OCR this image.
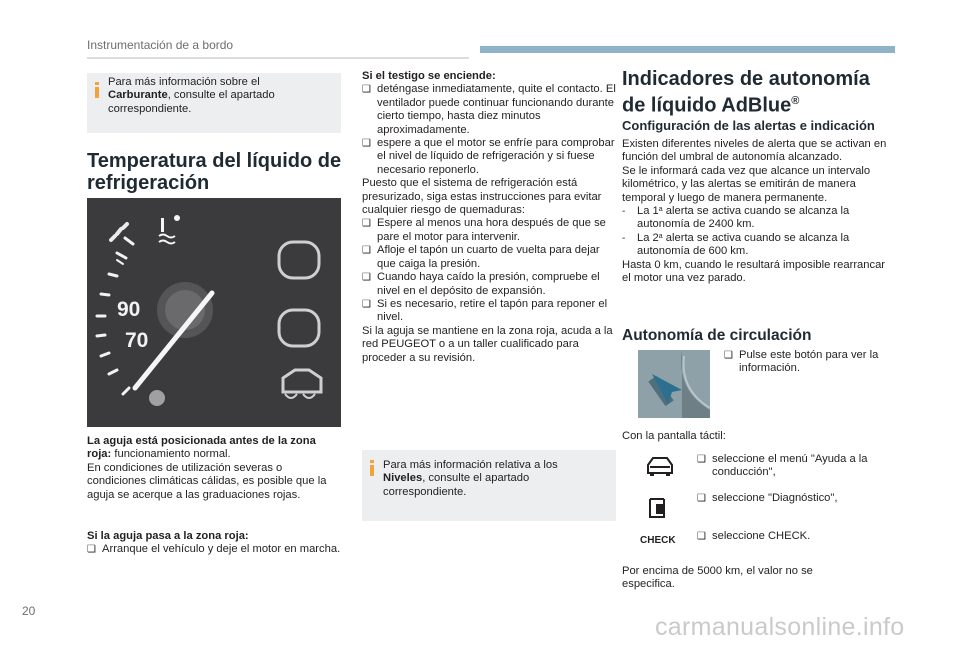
Instrumentación de a bordo
Para más información sobre el Carburante, consulte el apartado correspondiente.
Temperatura del líquido de
refrigeración
90
70

La aguja está posicionada antes de la zona roja: funcionamiento normal.

En condiciones de utilización severas o condiciones climáticas cálidas, es posible que la aguja se acerque a las graduaciones rojas.

Si la aguja pasa a la zona roja:

❑ Arranque el vehículo y deje el motor en marcha.

Si el testigo se enciende:

❑ deténgase inmediatamente, quite el contacto. El ventilador puede continuar funcionando durante cierto tiempo, hasta diez minutos aproximadamente.
❑ espere a que el motor se enfríe para comprobar el nivel de líquido de refrigeración y si fuese necesario reponerlo.

Puesto que el sistema de refrigeración está presurizado, siga estas instrucciones para evitar cualquier riesgo de quemaduras:

❑ Espere al menos una hora después de que se pare el motor para intervenir.
❑ Afloje el tapón un cuarto de vuelta para dejar que caiga la presión.
❑ Cuando haya caído la presión, compruebe el nivel en el depósito de expansión.
❑ Si es necesario, retire el tapón para reponer el nivel.

Si la aguja se mantiene en la zona roja, acuda a la red PEUGEOT o a un taller cualificado para proceder a su revisión.

Para más información relativa a los Niveles, consulte el apartado correspondiente.
Indicadores de autonomía
de líquido AdBlue®
Configuración de las alertas e indicación

Existen diferentes niveles de alerta que se activan en función del umbral de autonomía alcanzado.

Se le informará cada vez que alcance un intervalo kilométrico, y las alertas se emitirán de manera temporal y luego de manera permanente.

- La 1$^a$ alerta se activa cuando se alcanza la autonomía de 2400 km.
- La 2$^a$ alerta se activa cuando se alcanza la autonomía de 600 km.

Hasta 0 km, cuando le resultará imposible rearrancar el motor una vez parado.

Autonomía de circulación
❑ Pulse este botón para ver la información.
Con la pantalla táctil:
❑ seleccione el menú "Ayuda a la conducción",
❑ seleccione "Diagnóstico",
CHECK ❑ seleccione CHECK.
Por encima de 5000 km, el valor no se especifica.
20
carmanualsonline.info
